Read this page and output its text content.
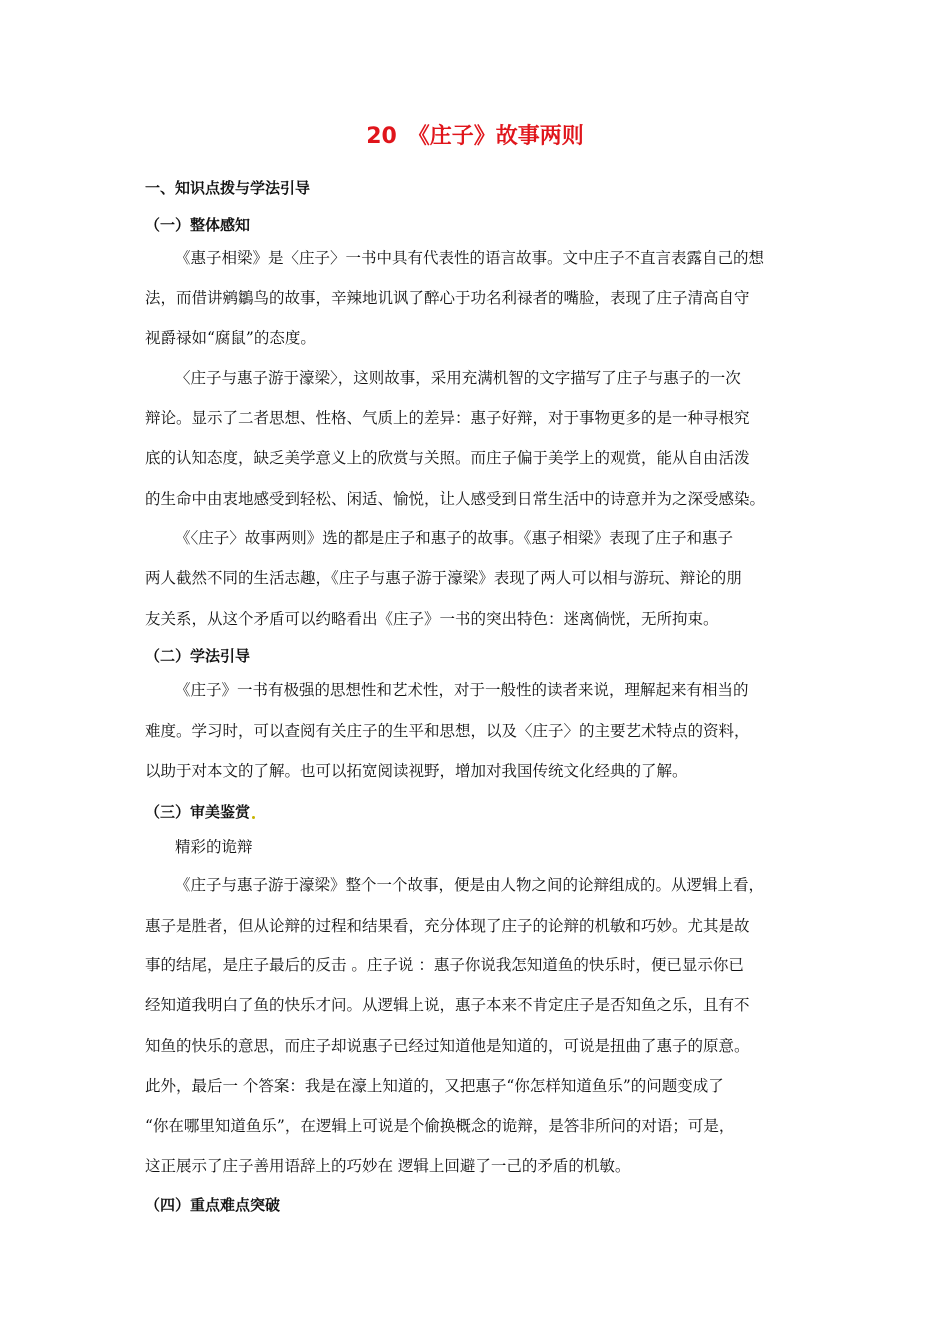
20　《庄子》故事两则
一、知识点拨与学法引导
（一）整体感知
《惠子相梁》是〈庄子〉一书中具有代表性的语言故事。文中庄子不直言表露自己的想
法，而借讲鹓鶵鸟的故事，辛辣地讥讽了醉心于功名利禄者的嘴脸，表现了庄子清高自守
视爵禄如“腐鼠”的态度。
〈庄子与惠子游于濠梁〉，这则故事，采用充满机智的文字描写了庄子与惠子的一次
辩论。显示了二者思想、性格、气质上的差异：惠子好辩，对于事物更多的是一种寻根究
底的认知态度，缺乏美学意义上的欣赏与关照。而庄子偏于美学上的观赏，能从自由活泼
的生命中由衷地感受到轻松、闲适、愉悦，让人感受到日常生活中的诗意并为之深受感染。
《〈庄子〉故事两则》选的都是庄子和惠子的故事。《惠子相梁》表现了庄子和惠子
两人截然不同的生活志趣，《庄子与惠子游于濠梁》表现了两人可以相与游玩、辩论的朋
友关系，从这个矛盾可以约略看出《庄子》一书的突出特色：迷离倘恍，无所拘束。
（二）学法引导
《庄子》一书有极强的思想性和艺术性，对于一般性的读者来说，理解起来有相当的
难度。学习时，可以查阅有关庄子的生平和思想，以及〈庄子〉的主要艺术特点的资料，
以助于对本文的了解。也可以拓宽阅读视野，增加对我国传统文化经典的了解。
（三）审美鉴赏
精彩的诡辩
《庄子与惠子游于濠梁》整个一个故事，便是由人物之间的论辩组成的。从逻辑上看，
惠子是胜者，但从论辩的过程和结果看，充分体现了庄子的论辩的机敏和巧妙。尤其是故
事的结尾，是庄子最后的反击 。庄子说 ：惠子你说我怎知道鱼的快乐时，便已显示你已
经知道我明白了鱼的快乐才问。从逻辑上说，惠子本来不肯定庄子是否知鱼之乐，且有不
知鱼的快乐的意思，而庄子却说惠子已经过知道他是知道的，可说是扭曲了惠子的原意。
此外，最后一 个答案：我是在濠上知道的，又把惠子“你怎样知道鱼乐”的问题变成了
“你在哪里知道鱼乐”，在逻辑上可说是个偷换概念的诡辩，是答非所问的对语；可是，
这正展示了庄子善用语辞上的巧妙在 逻辑上回避了一己的矛盾的机敏。
（四）重点难点突破
